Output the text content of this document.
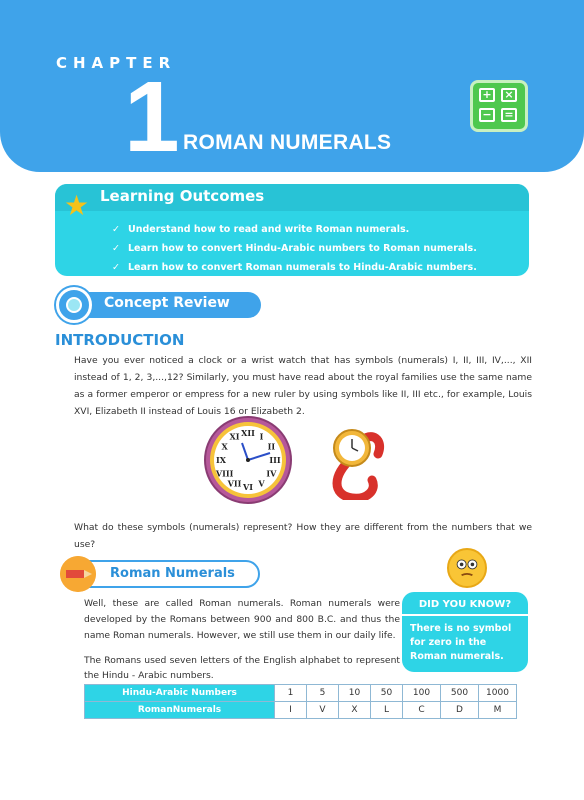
CHAPTER
1 ROMAN NUMERALS
+	×
−	=
★ Learning Outcomes
✓ Understand how to read and write Roman numerals.
✓ Learn how to convert Hindu-Arabic numbers to Roman numerals.
✓ Learn how to convert Roman numerals to Hindu-Arabic numbers.
Concept Review
INTRODUCTION

Have you ever noticed a clock or a wrist watch that has symbols (numerals) I, II, III, IV,..., XII instead of 1, 2, 3,...,12? Similarly, you must have read about the royal families use the same name as a former emperor or empress for a new ruler by using symbols like II, III etc., for example, Louis XVI, Elizabeth II instead of Louis 16 or Elizabeth 2.

XII I
II
III
IV
V
VI
VII
VIII
IX
X
XI

What do these symbols (numerals) represent? How they are different from the numbers that we use?

Roman Numerals

Well, these are called Roman numerals. Roman numerals were developed by the Romans between 900 and 800 B.C. and thus the name Roman numerals. However, we still use them in our daily life.

The Romans used seven letters of the English alphabet to represent the Hindu - Arabic numbers.

DID YOU KNOW?
There is no symbol for zero in the Roman numerals.
Hindu-Arabic Numbers	1	5	10	50	100	500	1000
RomanNumerals	I	V	X	L	C	D	M
